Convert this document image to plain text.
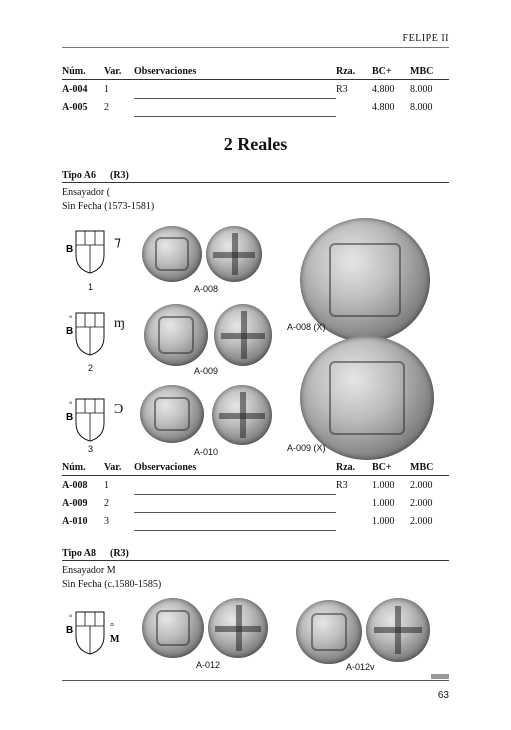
FELIPE II
Núm.	Var.	Observaciones	Rza.	BC+	MBC
A-004	1		R3	4.800	8.000
A-005	2			4.800	8.000
2 Reales
Tipo A6 (R3)
Ensayador (
Sin Fecha (1573-1581)
B
B
°
B
°
⁊
ɱ
Ͻ
1
2
3
A-008
A-009
A-010
A-008 (X)
A-009 (X)
Núm.	Var.	Observaciones	Rza.	BC+	MBC
A-008	1		R3	1.000	2.000
A-009	2			1.000	2.000
A-010	3			1.000	2.000
Tipo A8 (R3)
Ensayador M
Sin Fecha (c.1580-1585)
B
°
°
M
A-012	A-012v
63
